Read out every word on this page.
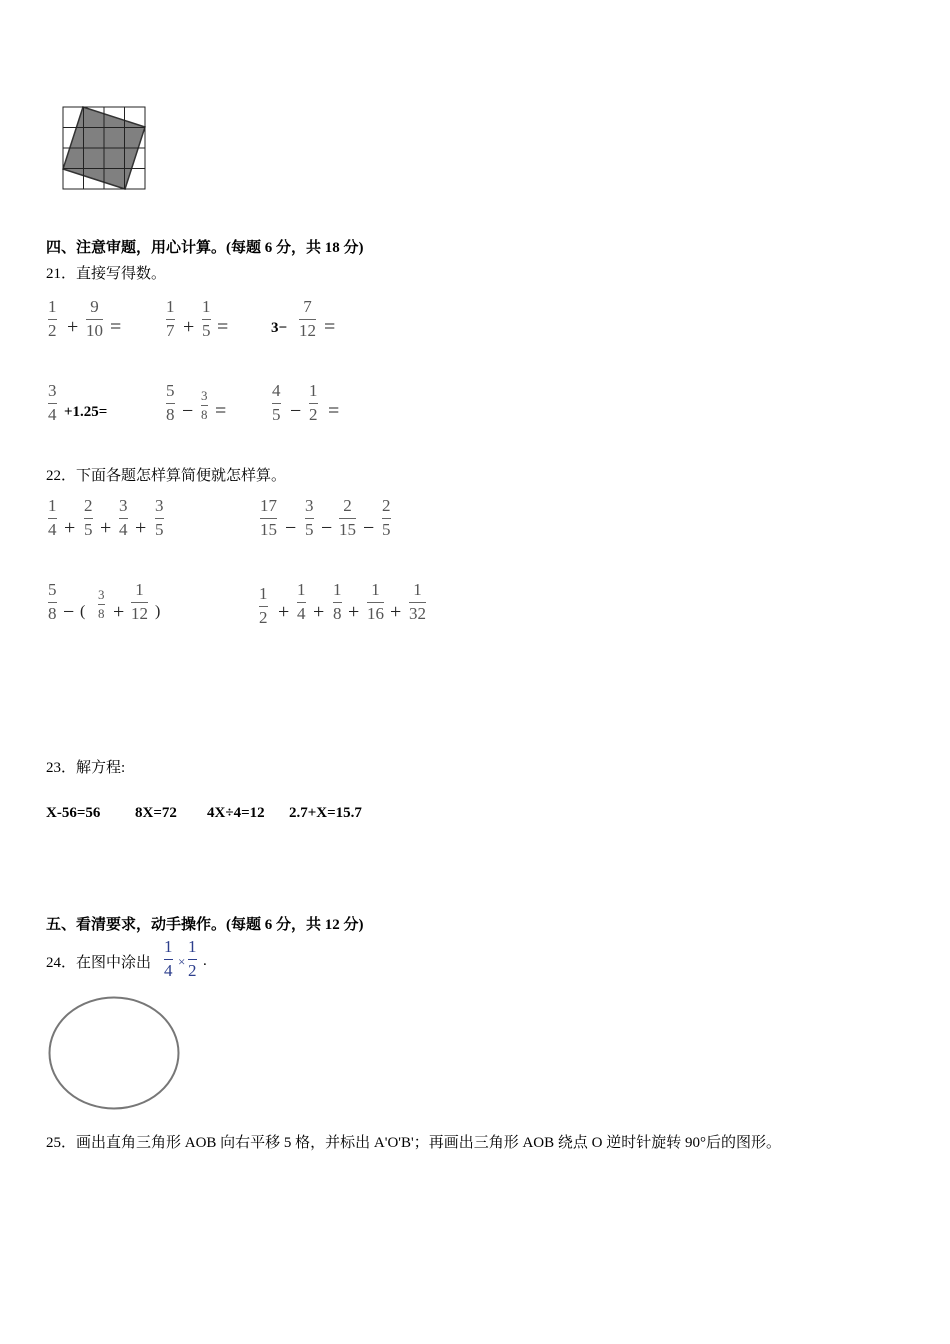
四、注意审题，用心计算。(每题 6 分，共 18 分)
21．直接写得数。
1
2 +
9
10 =
1
7 +
1
5 =	3−
7
12 =
3
4 +1.25=
5
8 −
3
8 =
4
5 −
1
2 =
22．下面各题怎样算简便就怎样算。
1
4 +
2
5 +
3
4 +
3
5
17
15 −
3
5 −
2
15 −
2
5
5
8 − (
3
8 +
1
12 )
1
2 +
1
4 +
1
8 +
1
16 +
1
32
23．解方程:
X-56=56 8X=72 4X÷4=12 2.7+X=15.7
五、看清要求，动手操作。(每题 6 分，共 12 分)
24．在图中涂出
1
4 ×
1
2 .
25．画出直角三角形 AOB 向右平移 5 格，并标出 A'O'B'；再画出三角形 AOB 绕点 O 逆时针旋转 90°后的图形。
